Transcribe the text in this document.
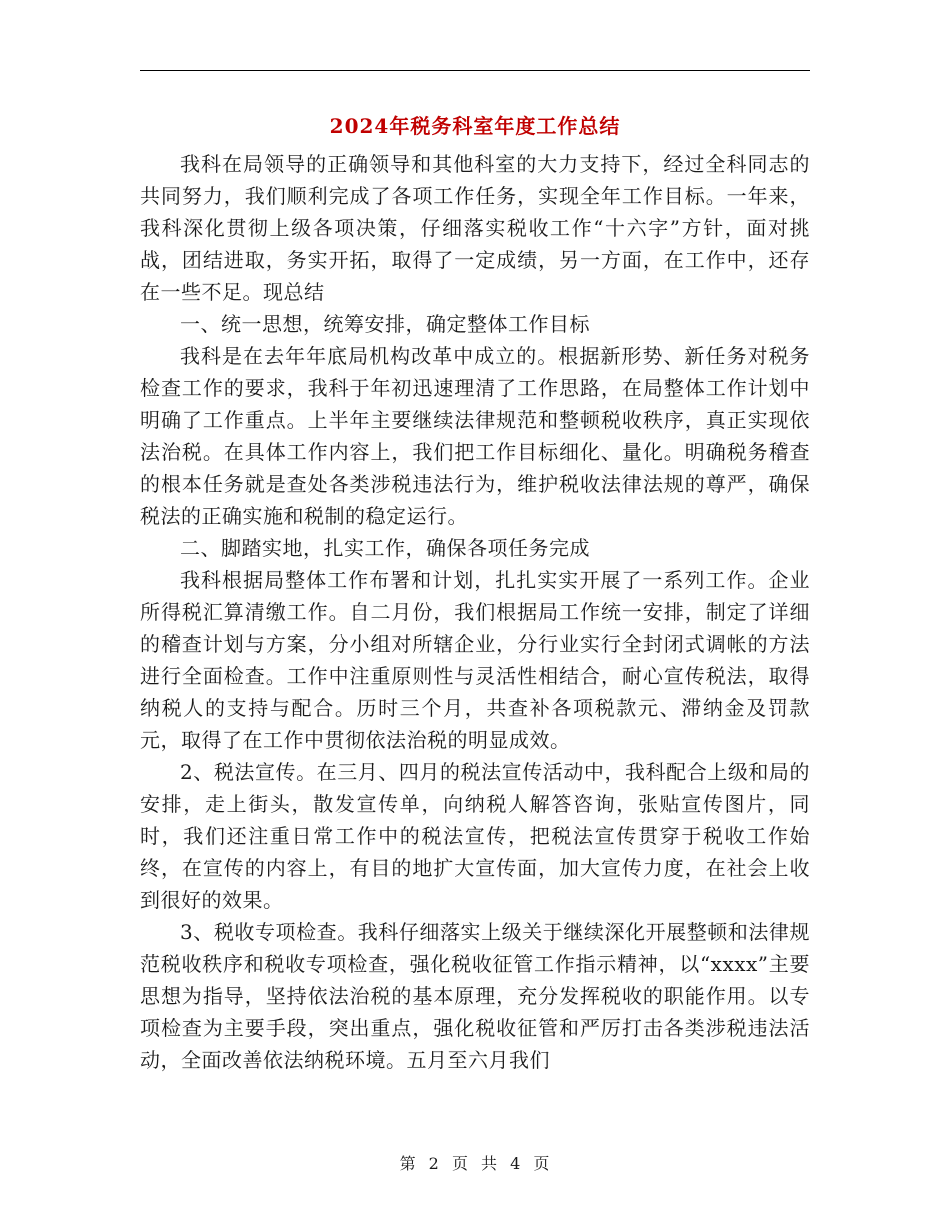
2024年税务科室年度工作总结

我科在局领导的正确领导和其他科室的大力支持下，经过全科同志的共同努力，我们顺利完成了各项工作任务，实现全年工作目标。一年来，我科深化贯彻上级各项决策，仔细落实税收工作“十六字”方针，面对挑战，团结进取，务实开拓，取得了一定成绩，另一方面，在工作中，还存在一些不足。现总结

一、统一思想，统筹安排，确定整体工作目标

我科是在去年年底局机构改革中成立的。根据新形势、新任务对税务检查工作的要求，我科于年初迅速理清了工作思路，在局整体工作计划中明确了工作重点。上半年主要继续法律规范和整顿税收秩序，真正实现依法治税。在具体工作内容上，我们把工作目标细化、量化。明确税务稽查的根本任务就是查处各类涉税违法行为，维护税收法律法规的尊严，确保税法的正确实施和税制的稳定运行。

二、脚踏实地，扎实工作，确保各项任务完成

我科根据局整体工作布署和计划，扎扎实实开展了一系列工作。企业所得税汇算清缴工作。自二月份，我们根据局工作统一安排，制定了详细的稽查计划与方案，分小组对所辖企业，分行业实行全封闭式调帐的方法进行全面检查。工作中注重原则性与灵活性相结合，耐心宣传税法，取得纳税人的支持与配合。历时三个月，共查补各项税款元、滞纳金及罚款元，取得了在工作中贯彻依法治税的明显成效。

2、税法宣传。在三月、四月的税法宣传活动中，我科配合上级和局的安排，走上街头，散发宣传单，向纳税人解答咨询，张贴宣传图片，同时，我们还注重日常工作中的税法宣传，把税法宣传贯穿于税收工作始终，在宣传的内容上，有目的地扩大宣传面，加大宣传力度，在社会上收到很好的效果。

3、税收专项检查。我科仔细落实上级关于继续深化开展整顿和法律规范税收秩序和税收专项检查，强化税收征管工作指示精神，以“xxxx”主要思想为指导，坚持依法治税的基本原理，充分发挥税收的职能作用。以专项检查为主要手段，突出重点，强化税收征管和严厉打击各类涉税违法活动，全面改善依法纳税环境。五月至六月我们

第 2 页 共 4 页
